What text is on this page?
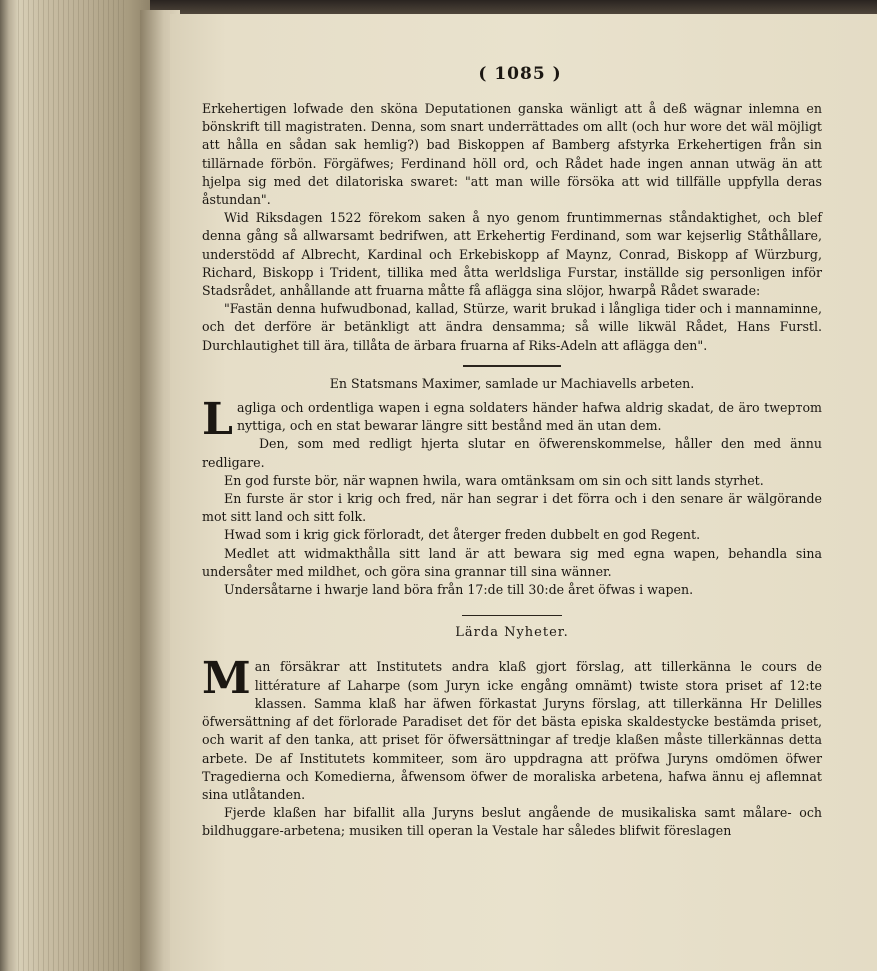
( 1085 )

Erkehertigen lofwade den sköna Deputationen ganska wänligt att å deß wägnar inlemna en bönskrift till magistraten. Denna, som snart underrättades om allt (och hur wore det wäl möjligt att hålla en sådan sak hemlig?) bad Biskoppen af Bamberg afstyrka Erkehertigen från sin tillärnade förbön. Förgäfwes; Ferdinand höll ord, och Rådet hade ingen annan utwäg än att hjelpa sig med det dilatoriska swaret: "att man wille försöka att wid tillfälle uppfylla deras åstundan".

Wid Riksdagen 1522 förekom saken å nyo genom fruntimmernas ståndaktighet, och blef denna gång så allwarsamt bedrifwen, att Erkehertig Ferdinand, som war kejserlig Ståthållare, understödd af Albrecht, Kardinal och Erkebiskopp af Maynz, Conrad, Biskopp af Würzburg, Richard, Biskopp i Trident, tillika med åtta werldsliga Furstar, inställde sig personligen inför Stadsrådet, anhållande att fruarna måtte få aflägga sina slöjor, hwarpå Rådet swarade:

"Fastän denna hufwudbonad, kallad, Stürze, warit brukad i långliga tider och i mannaminne, och det derföre är betänkligt att ändra densamma; så wille likwäl Rådet, Hans Furstl. Durchlautighet till ära, tillåta de ärbara fruarna af Riks-Adeln att aflägga den".

En Statsmans Maximer, samlade ur Machiavells arbeten.

Lagliga och ordentliga wapen i egna soldaters händer hafwa aldrig skadat, de äro tweртom nyttiga, och en stat bewarar längre sitt bestånd med än utan dem.

Den, som med redligt hjerta slutar en öfwerenskommelse, håller den med ännu redligare.

En god furste bör, när wapnen hwila, wara omtänksam om sin och sitt lands styrhet.

En furste är stor i krig och fred, när han segrar i det förra och i den senare är wälgörande mot sitt land och sitt folk.

Hwad som i krig gick förloradt, det återger freden dubbelt en god Regent.

Medlet att widmakthålla sitt land är att bewara sig med egna wapen, behandla sina undersåter med mildhet, och göra sina grannar till sina wänner.

Undersåtarne i hwarje land böra från 17:de till 30:de året öfwas i wapen.

Lärda Nyheter.

Man försäkrar att Institutets andra klaß gjort förslag, att tillerkänna le cours de littérature af Laharpe (som Juryn icke engång omnämt) twiste stora priset af 12:te klassen. Samma klaß har äfwen förkastat Juryns förslag, att tillerkänna Hr Delilles öfwersättning af det förlorade Paradiset det för det bästa episka skaldestycke bestämda priset, och warit af den tanka, att priset för öfwersättningar af tredje klaßen måste tillerkännas detta arbete. De af Institutets kommiteer, som äro uppdragna att pröfwa Juryns omdömen öfwer Tragedierna och Komedierna, åfwensom öfwer de moraliska arbetena, hafwa ännu ej aflemnat sina utlåtanden.

Fjerde klaßen har bifallit alla Juryns beslut angående de musikaliska samt målare- och bildhuggare-arbetena; musiken till operan la Vestale har således blifwit föreslagen
